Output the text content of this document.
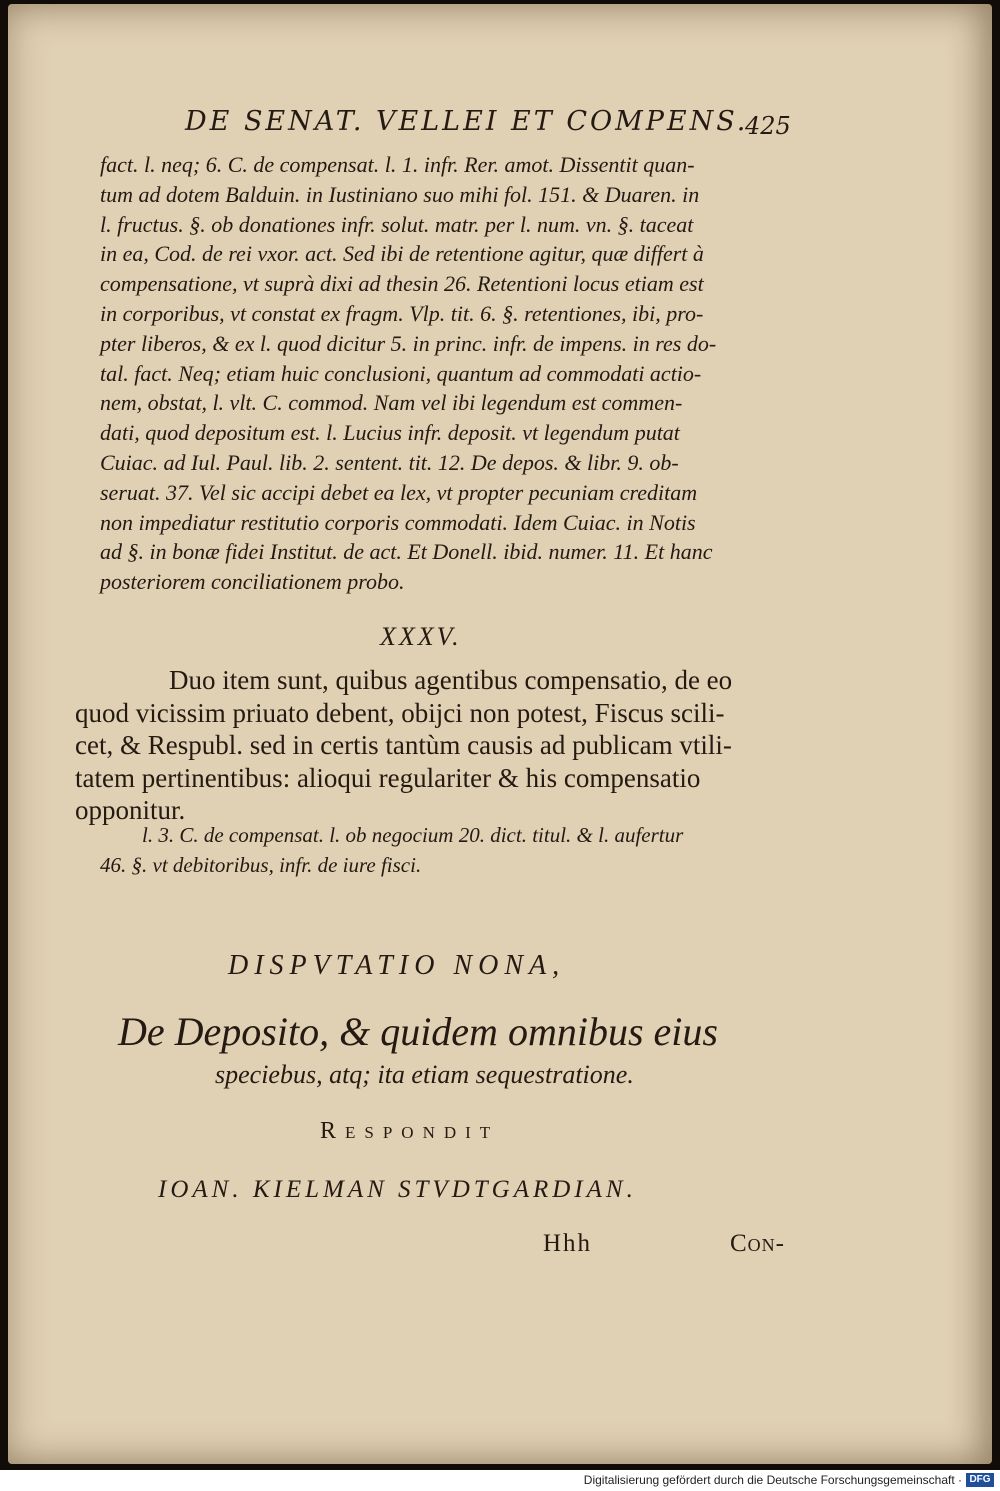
DE SENAT. VELLEI ET COMPENS.
425
fact. l. neq; 6. C. de compensat. l. 1. infr. Rer. amot. Dissentit quan-
tum ad dotem Balduin. in Iustiniano suo mihi fol. 151. & Duaren. in
l. fructus. §. ob donationes infr. solut. matr. per l. num. vn. §. taceat
in ea, Cod. de rei vxor. act. Sed ibi de retentione agitur, quæ differt à
compensatione, vt suprà dixi ad thesin 26. Retentioni locus etiam est
in corporibus, vt constat ex fragm. Vlp. tit. 6. §. retentiones, ibi, pro-
pter liberos, & ex l. quod dicitur 5. in princ. infr. de impens. in res do-
tal. fact. Neq; etiam huic conclusioni, quantum ad commodati actio-
nem, obstat, l. vlt. C. commod. Nam vel ibi legendum est commen-
dati, quod depositum est. l. Lucius infr. deposit. vt legendum putat
Cuiac. ad Iul. Paul. lib. 2. sentent. tit. 12. De depos. & libr. 9. ob-
seruat. 37. Vel sic accipi debet ea lex, vt propter pecuniam creditam
non impediatur restitutio corporis commodati. Idem Cuiac. in Notis
ad §. in bonæ fidei Institut. de act. Et Donell. ibid. numer. 11. Et hanc
posteriorem conciliationem probo.
XXXV.
Duo item sunt, quibus agentibus compensatio, de eo
quod vicissim priuato debent, obijci non potest, Fiscus scili-
cet, & Respubl. sed in certis tantùm causis ad publicam vtili-
tatem pertinentibus: alioqui regulariter & his compensatio
opponitur.
l. 3. C. de compensat. l. ob negocium 20. dict. titul. & l. aufertur
46. §. vt debitoribus, infr. de iure fisci.
DISPVTATIO NONA,
De Deposito, & quidem omnibus eius
speciebus, atq; ita etiam sequestratione.
Respondit
IOAN. KIELMAN STVDTGARDIAN.
Hhh	Con-
Digitalisierung gefördert durch die Deutsche Forschungsgemeinschaft · DFG
